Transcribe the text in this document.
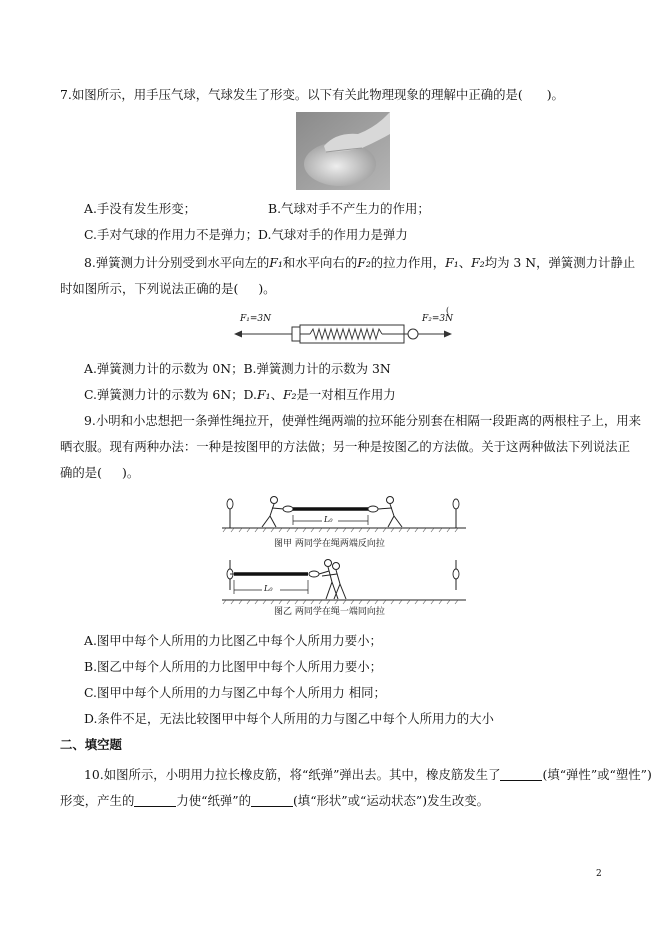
7.如图所示，用手压气球，气球发生了形变。以下有关此物理现象的理解中正确的是( )。
A.手没有发生形变；	B.气球对手不产生力的作用；
C.手对气球的作用力不是弹力；D.气球对手的作用力是弹力
8.弹簧测力计分别受到水平向左的F₁和水平向右的F₂的拉力作用，F₁、F₂均为 3 N，弹簧测力计静止
时如图所示，下列说法正确的是( )。
F₁=3N	F₂=3N
(
A.弹簧测力计的示数为 0N；B.弹簧测力计的示数为 3N
C.弹簧测力计的示数为 6N；D.F₁、F₂是一对相互作用力
9.小明和小忠想把一条弹性绳拉开，使弹性绳两端的拉环能分别套在相隔一段距离的两根柱子上，用来
晒衣服。现有两种办法：一种是按图甲的方法做；另一种是按图乙的方法做。关于这两种做法下列说法正
确的是( )。
图甲 两同学在绳两端反向拉
图乙 两同学在绳一端同向拉
L₀
L₀
A.图甲中每个人所用的力比图乙中每个人所用力要小；
B.图乙中每个人所用的力比图甲中每个人所用力要小；
C.图甲中每个人所用的力与图乙中每个人所用力 相同；
D.条件不足，无法比较图甲中每个人所用的力与图乙中每个人所用力的大小
二、填空题
10.如图所示，小明用力拉长橡皮筋，将“纸弹”弹出去。其中，橡皮筋发生了	(填“弹性”或“塑性”)
形变，产生的	力使“纸弹”的	(填“形状”或“运动状态”)发生改变。
2
